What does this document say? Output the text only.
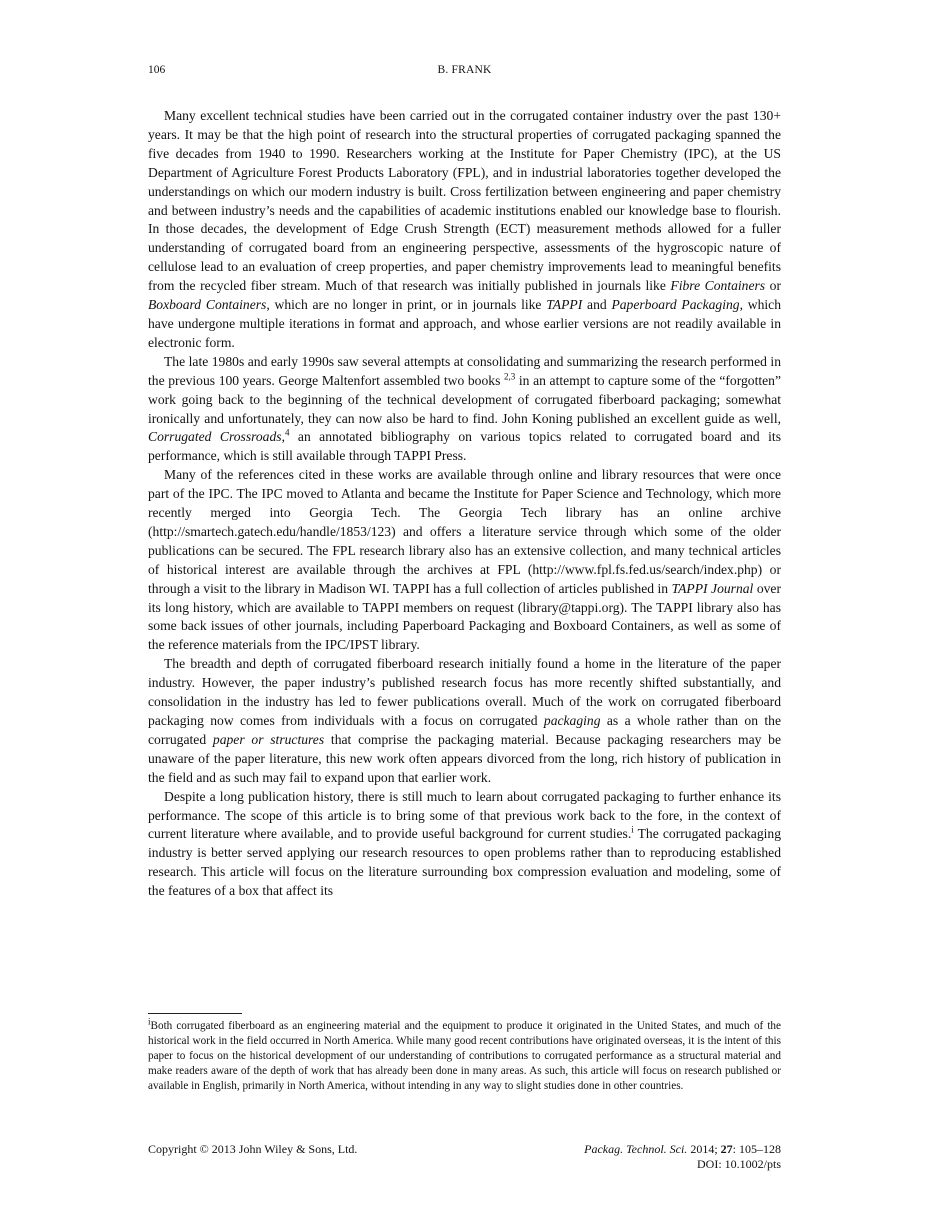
106	B. FRANK

Many excellent technical studies have been carried out in the corrugated container industry over the past 130+ years. It may be that the high point of research into the structural properties of corrugated packaging spanned the five decades from 1940 to 1990. Researchers working at the Institute for Paper Chemistry (IPC), at the US Department of Agriculture Forest Products Laboratory (FPL), and in industrial laboratories together developed the understandings on which our modern industry is built. Cross fertilization between engineering and paper chemistry and between industry’s needs and the capabilities of academic institutions enabled our knowledge base to flourish. In those decades, the development of Edge Crush Strength (ECT) measurement methods allowed for a fuller understanding of corrugated board from an engineering perspective, assessments of the hygroscopic nature of cellulose lead to an evaluation of creep properties, and paper chemistry improvements lead to meaningful benefits from the recycled fiber stream. Much of that research was initially published in journals like Fibre Containers or Boxboard Containers, which are no longer in print, or in journals like TAPPI and Paperboard Packaging, which have undergone multiple iterations in format and approach, and whose earlier versions are not readily available in electronic form.

The late 1980s and early 1990s saw several attempts at consolidating and summarizing the research performed in the previous 100 years. George Maltenfort assembled two books $^{2,3}$ in an attempt to capture some of the “forgotten” work going back to the beginning of the technical development of corrugated fiberboard packaging; somewhat ironically and unfortunately, they can now also be hard to find. John Koning published an excellent guide as well, Corrugated Crossroads,$^4$ an annotated bibliography on various topics related to corrugated board and its performance, which is still available through TAPPI Press.

Many of the references cited in these works are available through online and library resources that were once part of the IPC. The IPC moved to Atlanta and became the Institute for Paper Science and Technology, which more recently merged into Georgia Tech. The Georgia Tech library has an online archive (http://smartech.gatech.edu/handle/1853/123) and offers a literature service through which some of the older publications can be secured. The FPL research library also has an extensive collection, and many technical articles of historical interest are available through the archives at FPL (http://www.fpl.fs.fed.us/search/index.php) or through a visit to the library in Madison WI. TAPPI has a full collection of articles published in TAPPI Journal over its long history, which are available to TAPPI members on request (library@tappi.org). The TAPPI library also has some back issues of other journals, including Paperboard Packaging and Boxboard Containers, as well as some of the reference materials from the IPC/IPST library.

The breadth and depth of corrugated fiberboard research initially found a home in the literature of the paper industry. However, the paper industry’s published research focus has more recently shifted substantially, and consolidation in the industry has led to fewer publications overall. Much of the work on corrugated fiberboard packaging now comes from individuals with a focus on corrugated packaging as a whole rather than on the corrugated paper or structures that comprise the packaging material. Because packaging researchers may be unaware of the paper literature, this new work often appears divorced from the long, rich history of publication in the field and as such may fail to expand upon that earlier work.

Despite a long publication history, there is still much to learn about corrugated packaging to further enhance its performance. The scope of this article is to bring some of that previous work back to the fore, in the context of current literature where available, and to provide useful background for current studies.$^i$ The corrugated packaging industry is better served applying our research resources to open problems rather than to reproducing established research. This article will focus on the literature surrounding box compression evaluation and modeling, some of the features of a box that affect its

$^i$Both corrugated fiberboard as an engineering material and the equipment to produce it originated in the United States, and much of the historical work in the field occurred in North America. While many good recent contributions have originated overseas, it is the intent of this paper to focus on the historical development of our understanding of contributions to corrugated performance as a structural material and make readers aware of the depth of work that has already been done in many areas. As such, this article will focus on research published or available in English, primarily in North America, without intending in any way to slight studies done in other countries.

Copyright © 2013 John Wiley & Sons, Ltd.	Packag. Technol. Sci. 2014; 27: 105–128
DOI: 10.1002/pts
